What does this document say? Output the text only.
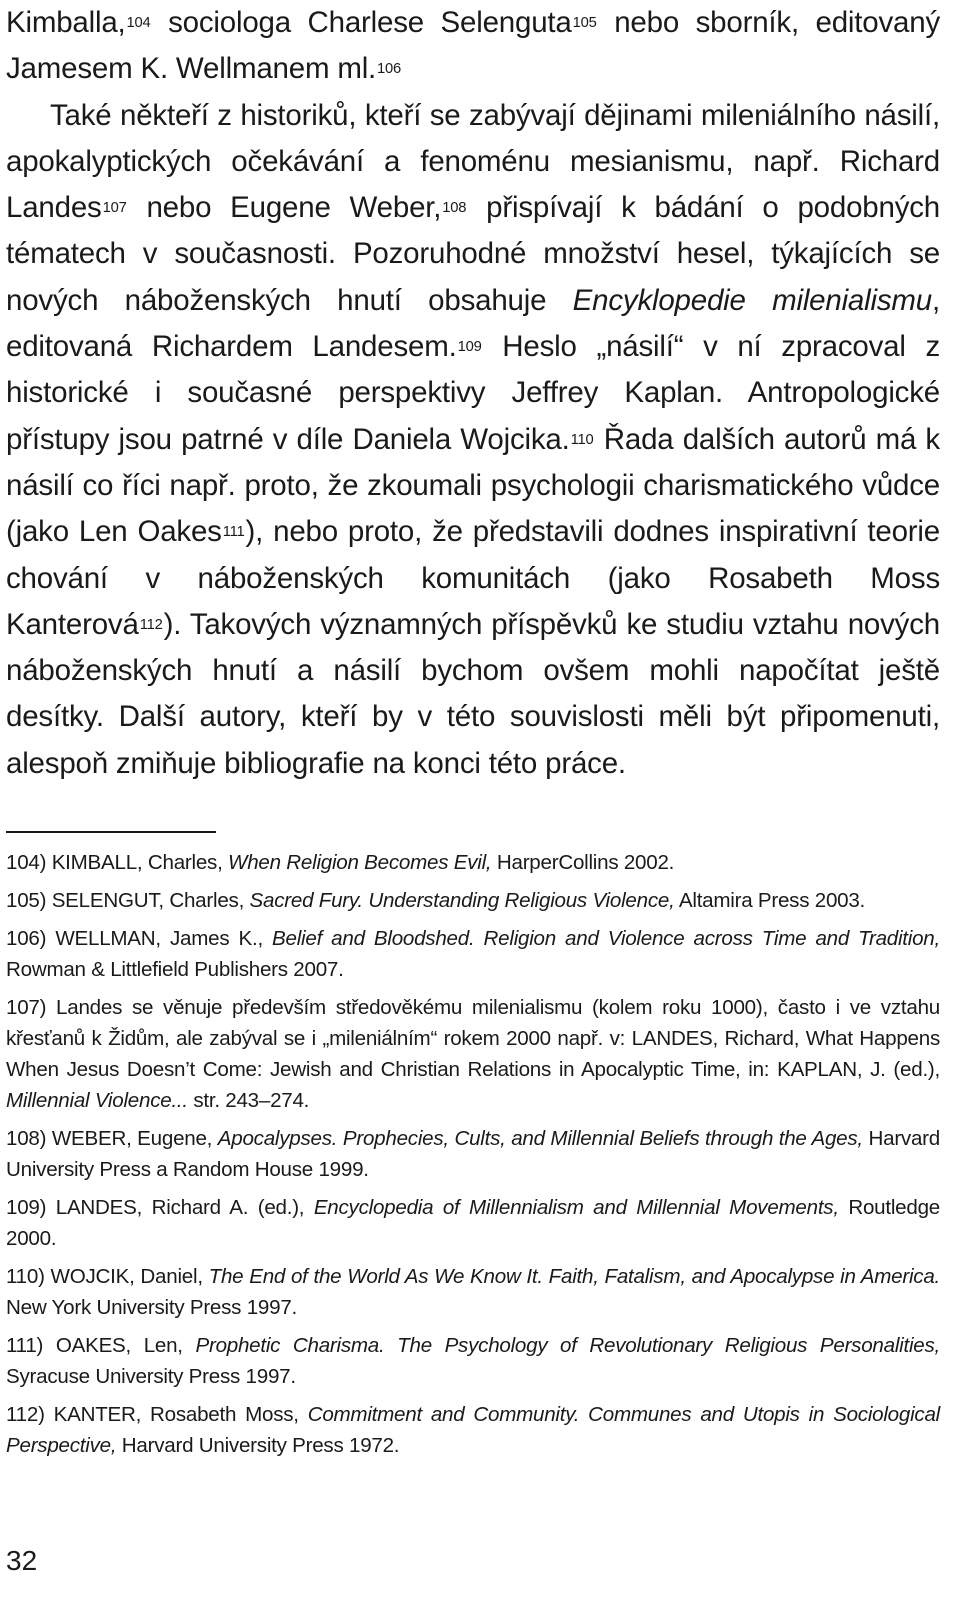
Kimballa,$^{104}$ sociologa Charlese Selenguta$^{105}$ nebo sborník, editovaný Jamesem K. Wellmanem ml.$^{106}$

Také někteří z historiků, kteří se zabývají dějinami mileniálního násilí, apokalyptických očekávání a fenoménu mesianismu, např. Richard Landes$^{107}$ nebo Eugene Weber,$^{108}$ přispívají k bádání o podobných tématech v současnosti. Pozoruhodné množství hesel, týkajících se nových náboženských hnutí obsahuje Encyklopedie milenialismu, editovaná Richardem Landesem.$^{109}$ Heslo „násilí“ v ní zpracoval z historické i současné perspektivy Jeffrey Kaplan. Antropologické přístupy jsou patrné v díle Daniela Wojcika.$^{110}$ Řada dalších autorů má k násilí co říci např. proto, že zkoumali psychologii charismatického vůdce (jako Len Oakes$^{111}$), nebo proto, že představili dodnes inspirativní teorie chování v náboženských komunitách (jako Rosabeth Moss Kanterová$^{112}$). Takových významných příspěvků ke studiu vztahu nových náboženských hnutí a násilí bychom ovšem mohli napočítat ještě desítky. Další autory, kteří by v této souvislosti měli být připomenuti, alespoň zmiňuje bibliografie na konci této práce.

104) KIMBALL, Charles, When Religion Becomes Evil, HarperCollins 2002.
105) SELENGUT, Charles, Sacred Fury. Understanding Religious Violence, Altamira Press 2003.
106) WELLMAN, James K., Belief and Bloodshed. Religion and Violence across Time and Tradition, Rowman & Littlefield Publishers 2007.
107) Landes se věnuje především středověkému milenialismu (kolem roku 1000), často i ve vztahu křesťanů k Židům, ale zabýval se i „mileniálním“ rokem 2000 např. v: LANDES, Richard, What Happens When Jesus Doesn’t Come: Jewish and Christian Relations in Apocalyptic Time, in: KAPLAN, J. (ed.), Millennial Violence... str. 243–274.
108) WEBER, Eugene, Apocalypses. Prophecies, Cults, and Millennial Beliefs through the Ages, Harvard University Press a Random House 1999.
109) LANDES, Richard A. (ed.), Encyclopedia of Millennialism and Millennial Movements, Routledge 2000.
110) WOJCIK, Daniel, The End of the World As We Know It. Faith, Fatalism, and Apocalypse in America. New York University Press 1997.
111) OAKES, Len, Prophetic Charisma. The Psychology of Revolutionary Religious Personalities, Syracuse University Press 1997.
112) KANTER, Rosabeth Moss, Commitment and Community. Communes and Utopis in Sociological Perspective, Harvard University Press 1972.
32
